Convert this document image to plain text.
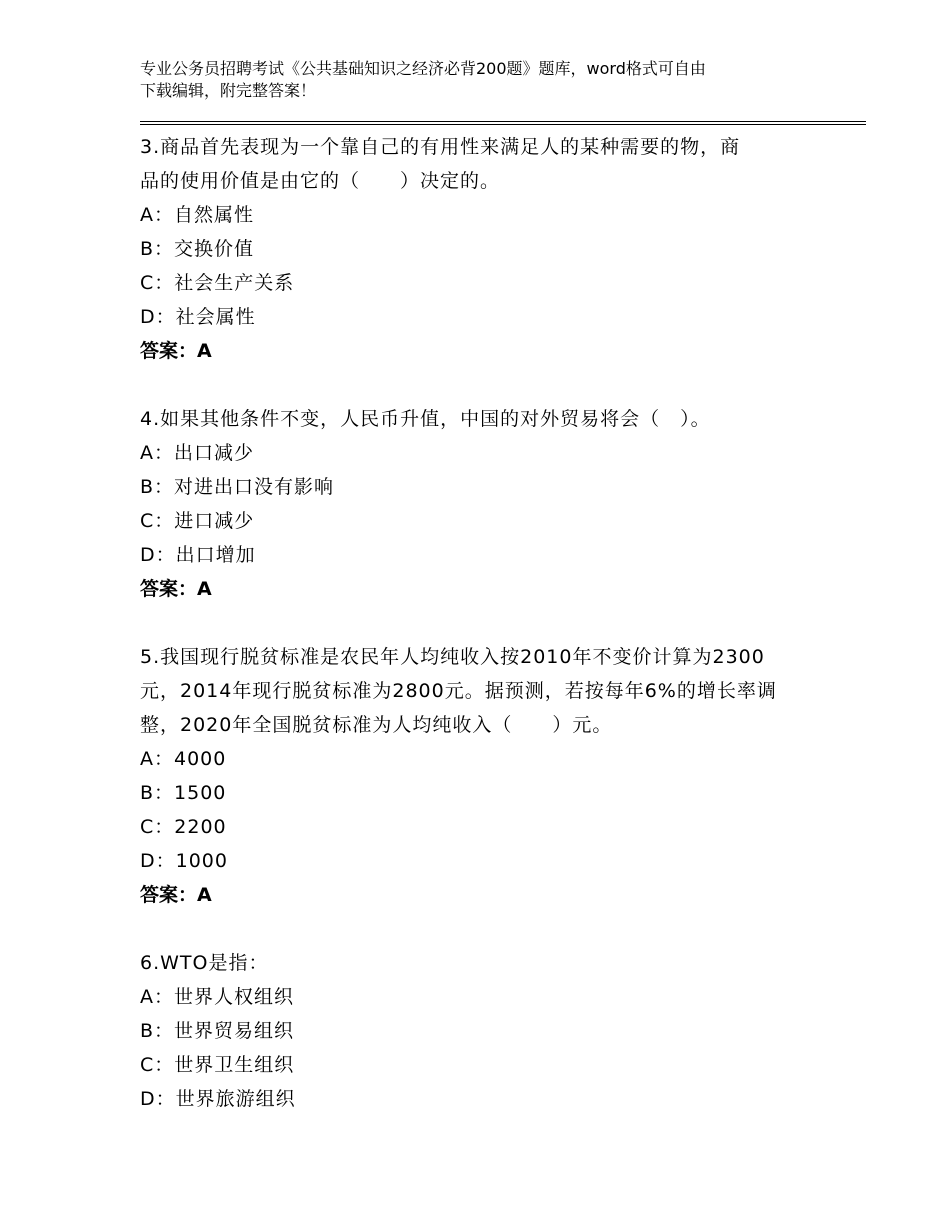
专业公务员招聘考试《公共基础知识之经济必背200题》题库，word格式可自由
下载编辑，附完整答案！
3.商品首先表现为一个靠自己的有用性来满足人的某种需要的物，商
品的使用价值是由它的（　　）决定的。
A：自然属性
B：交换价值
C：社会生产关系
D：社会属性
答案：A
4.如果其他条件不变，人民币升值，中国的对外贸易将会（　）。
A：出口减少
B：对进出口没有影响
C：进口减少
D：出口增加
答案：A
5.我国现行脱贫标准是农民年人均纯收入按2010年不变价计算为2300
元，2014年现行脱贫标准为2800元。据预测，若按每年6%的增长率调
整，2020年全国脱贫标准为人均纯收入（　　）元。
A：4000
B：1500
C：2200
D：1000
答案：A
6.WTO是指：
A：世界人权组织
B：世界贸易组织
C：世界卫生组织
D：世界旅游组织
